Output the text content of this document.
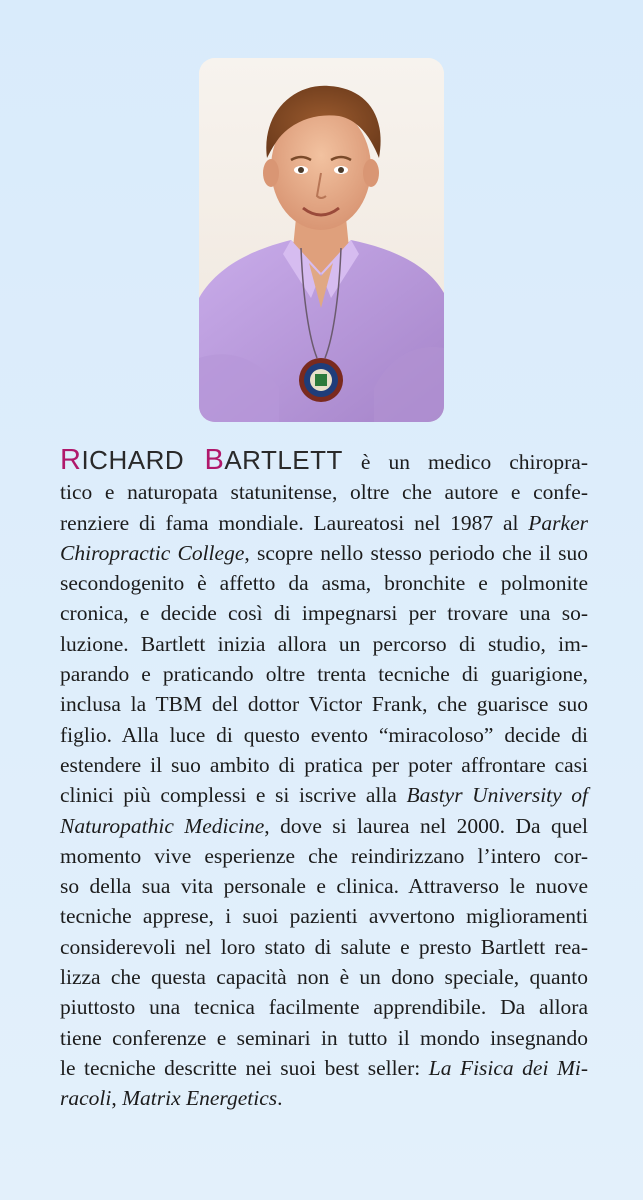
RICHARD BARTLETT è un medico chiropra-
tico e naturopata statunitense, oltre che autore e confe-
renziere di fama mondiale. Laureatosi nel 1987 al Parker
Chiropractic College, scopre nello stesso periodo che il suo
secondogenito è affetto da asma, bronchite e polmonite
cronica, e decide così di impegnarsi per trovare una so-
luzione. Bartlett inizia allora un percorso di studio, im-
parando e praticando oltre trenta tecniche di guarigione,
inclusa la TBM del dottor Victor Frank, che guarisce suo
figlio. Alla luce di questo evento “miracoloso” decide di
estendere il suo ambito di pratica per poter affrontare casi
clinici più complessi e si iscrive alla Bastyr University of
Naturopathic Medicine, dove si laurea nel 2000. Da quel
momento vive esperienze che reindirizzano l’intero cor-
so della sua vita personale e clinica. Attraverso le nuove
tecniche apprese, i suoi pazienti avvertono miglioramenti
considerevoli nel loro stato di salute e presto Bartlett rea-
lizza che questa capacità non è un dono speciale, quanto
piuttosto una tecnica facilmente apprendibile. Da allora
tiene conferenze e seminari in tutto il mondo insegnando
le tecniche descritte nei suoi best seller: La Fisica dei Mi-
racoli, Matrix Energetics.
